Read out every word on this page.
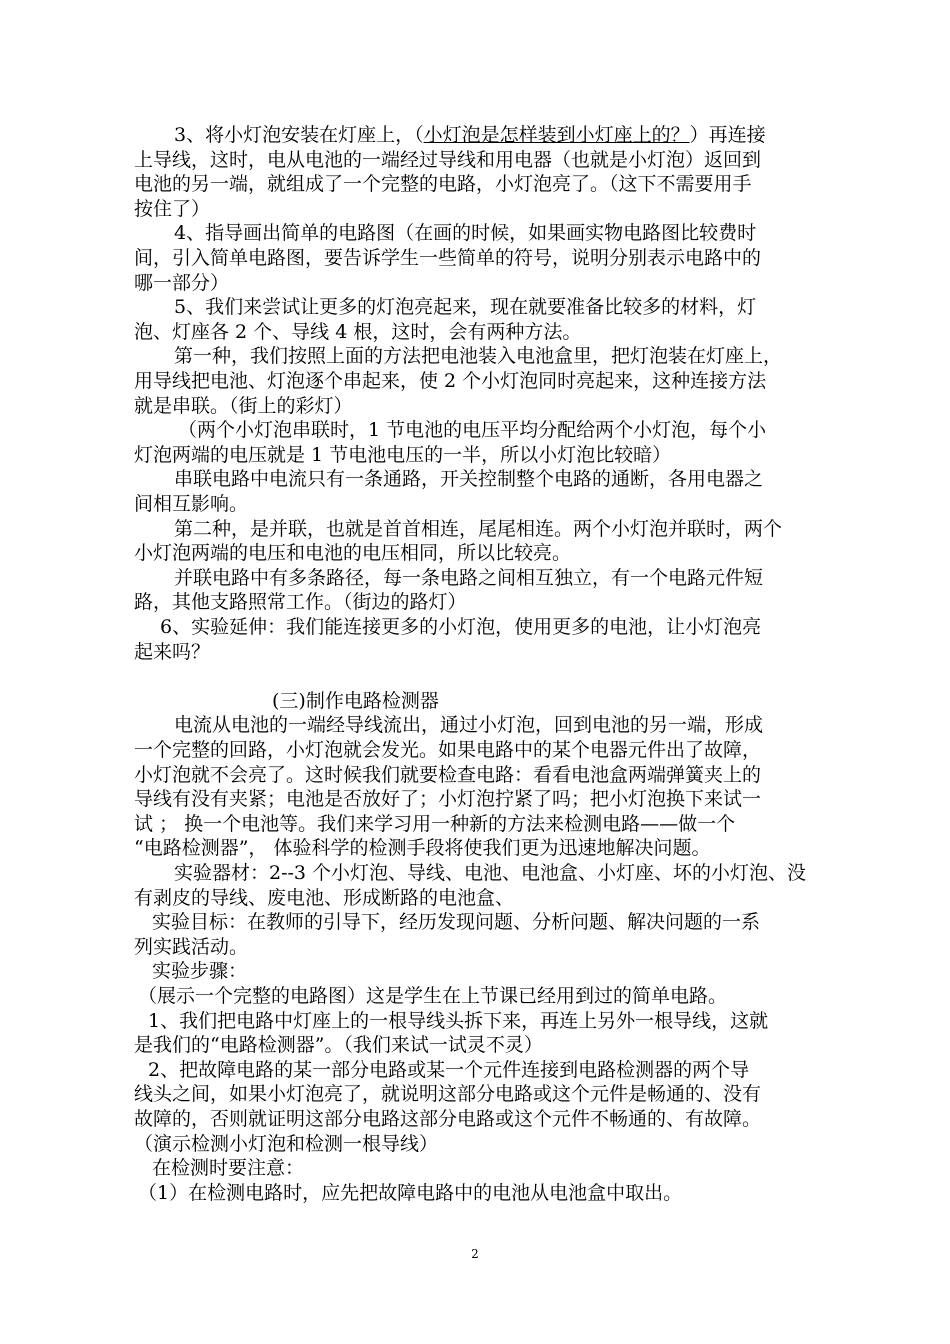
3、将小灯泡安装在灯座上，（小灯泡是怎样装到小灯座上的？）再连接
上导线，这时，电从电池的一端经过导线和用电器（也就是小灯泡）返回到
电池的另一端，就组成了一个完整的电路，小灯泡亮了。（这下不需要用手
按住了）
4、指导画出简单的电路图（在画的时候，如果画实物电路图比较费时
间，引入简单电路图，要告诉学生一些简单的符号，说明分别表示电路中的
哪一部分）
5、我们来尝试让更多的灯泡亮起来，现在就要准备比较多的材料，灯
泡、灯座各 2 个、导线 4 根，这时，会有两种方法。
第一种，我们按照上面的方法把电池装入电池盒里，把灯泡装在灯座上，
用导线把电池、灯泡逐个串起来，使 2 个小灯泡同时亮起来，这种连接方法
就是串联。（街上的彩灯）
（两个小灯泡串联时，1 节电池的电压平均分配给两个小灯泡，每个小
灯泡两端的电压就是 1 节电池电压的一半，所以小灯泡比较暗）
串联电路中电流只有一条通路，开关控制整个电路的通断，各用电器之
间相互影响。
第二种，是并联，也就是首首相连，尾尾相连。两个小灯泡并联时，两个
小灯泡两端的电压和电池的电压相同，所以比较亮。
并联电路中有多条路径，每一条电路之间相互独立，有一个电路元件短
路，其他支路照常工作。（街边的路灯）
6、实验延伸：我们能连接更多的小灯泡，使用更多的电池，让小灯泡亮
起来吗？
(三)制作电路检测器
电流从电池的一端经导线流出，通过小灯泡，回到电池的另一端，形成
一个完整的回路，小灯泡就会发光。如果电路中的某个电器元件出了故障，
小灯泡就不会亮了。这时候我们就要检查电路：看看电池盒两端弹簧夹上的
导线有没有夹紧；电池是否放好了；小灯泡拧紧了吗；把小灯泡换下来试一
试 ； 换一个电池等。我们来学习用一种新的方法来检测电路——做一个
“电路检测器”， 体验科学的检测手段将使我们更为迅速地解决问题。
实验器材：2--3 个小灯泡、导线、电池、电池盒、小灯座、坏的小灯泡、没
有剥皮的导线、废电池、形成断路的电池盒、
实验目标：在教师的引导下，经历发现问题、分析问题、解决问题的一系
列实践活动。
实验步骤：
（展示一个完整的电路图）这是学生在上节课已经用到过的简单电路。
1、我们把电路中灯座上的一根导线头拆下来，再连上另外一根导线，这就
是我们的“电路检测器”。（我们来试一试灵不灵）
2、把故障电路的某一部分电路或某一个元件连接到电路检测器的两个导
线头之间，如果小灯泡亮了，就说明这部分电路或这个元件是畅通的、没有
故障的，否则就证明这部分电路这部分电路或这个元件不畅通的、有故障。
（演示检测小灯泡和检测一根导线）
在检测时要注意：
（1）在检测电路时，应先把故障电路中的电池从电池盒中取出。
2
